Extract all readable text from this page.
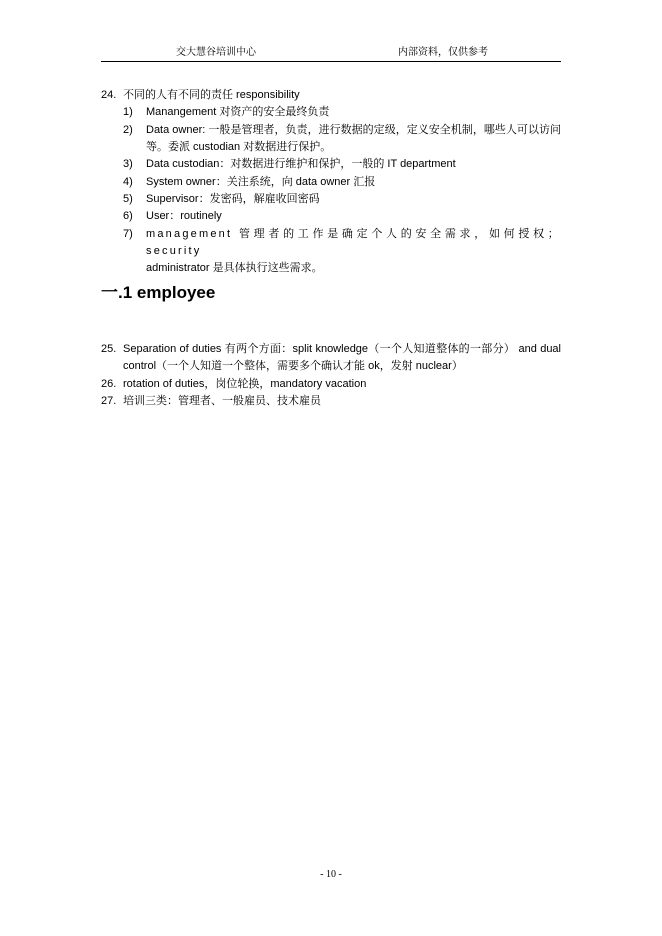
交大慧谷培训中心	内部资料，仅供参考
24. 不同的人有不同的责任 responsibility
1) Manangement 对资产的安全最终负责
2) Data owner: 一般是管理者，负责，进行数据的定级，定义安全机制，哪些人可以访问等。委派 custodian 对数据进行保护。
3) Data custodian：对数据进行维护和保护，一般的 IT department
4) System owner：关注系统，向 data owner 汇报
5) Supervisor：发密码，解雇收回密码
6) User：routinely
7) management 管理者的工作是确定个人的安全需求，如何授权；security
administrator 是具体执行这些需求。
一.1 employee
25. Separation of duties 有两个方面：split knowledge（一个人知道整体的一部分） and dual control（一个人知道一个整体，需要多个确认才能 ok，发射 nuclear）
26. rotation of duties，岗位轮换，mandatory vacation
27. 培训三类：管理者、一般雇员、技术雇员
- 10 -
